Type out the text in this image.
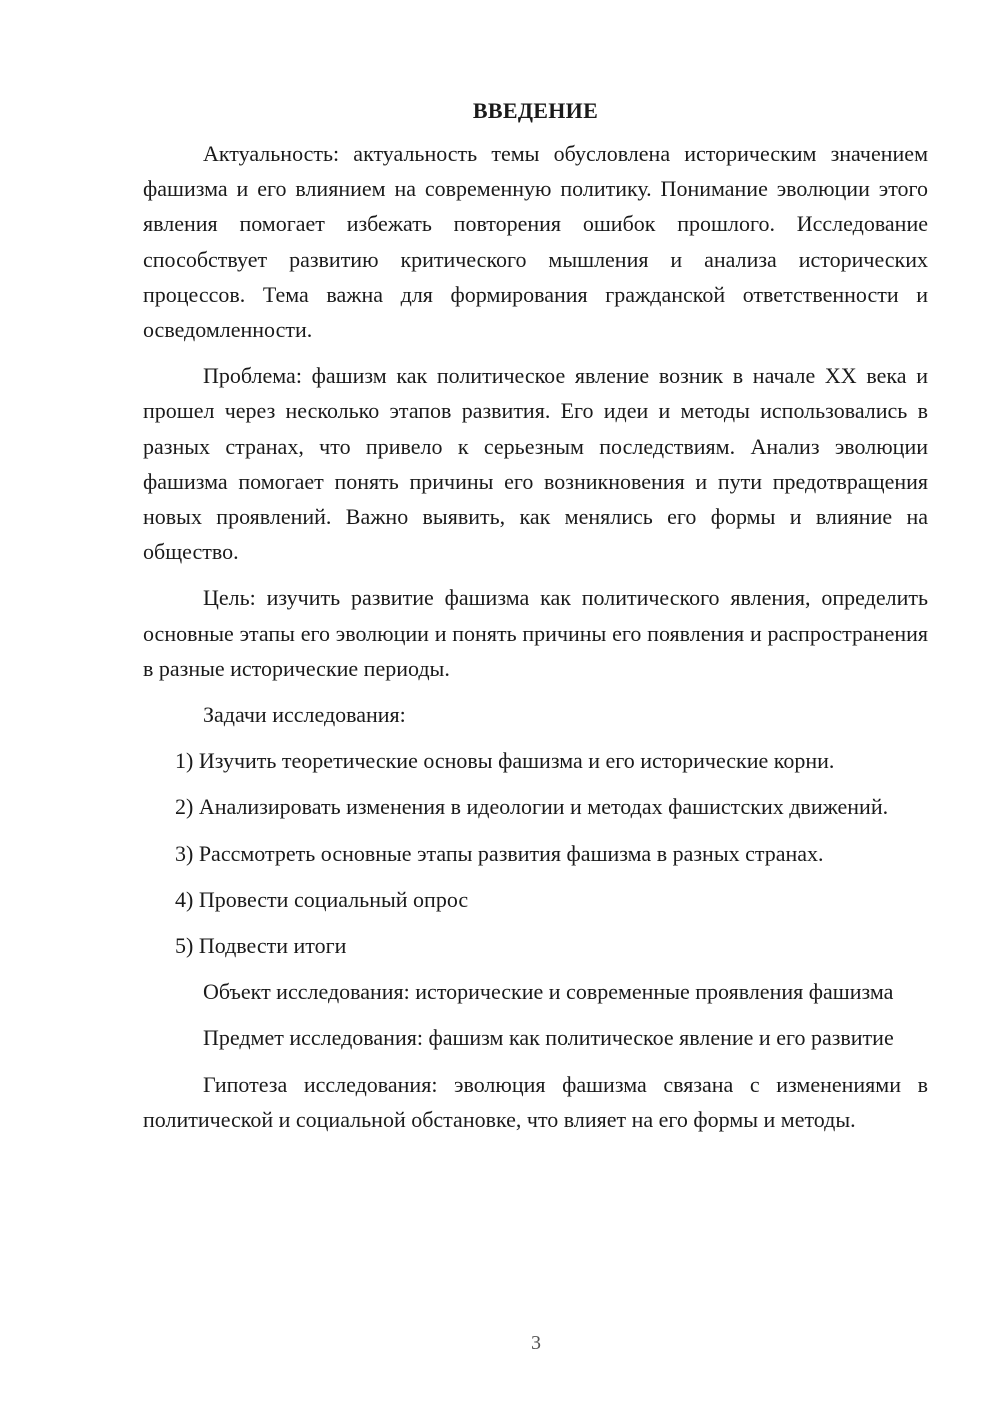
ВВЕДЕНИЕ

Актуальность: актуальность темы обусловлена историческим значением фашизма и его влиянием на современную политику. Понимание эволюции этого явления помогает избежать повторения ошибок прошлого. Исследование способствует развитию критического мышления и анализа исторических процессов. Тема важна для формирования гражданской ответственности и осведомленности.

Проблема: фашизм как политическое явление возник в начале XX века и прошел через несколько этапов развития. Его идеи и методы использовались в разных странах, что привело к серьезным последствиям. Анализ эволюции фашизма помогает понять причины его возникновения и пути предотвращения новых проявлений. Важно выявить, как менялись его формы и влияние на общество.

Цель: изучить развитие фашизма как политического явления, определить основные этапы его эволюции и понять причины его появления и распространения в разные исторические периоды.

Задачи исследования:

1) Изучить теоретические основы фашизма и его исторические корни.

2) Анализировать изменения в идеологии и методах фашистских движений.

3) Рассмотреть основные этапы развития фашизма в разных странах.

4) Провести социальный опрос

5) Подвести итоги

Объект исследования: исторические и современные проявления фашизма

Предмет исследования: фашизм как политическое явление и его развитие

Гипотеза исследования: эволюция фашизма связана с изменениями в политической и социальной обстановке, что влияет на его формы и методы.

3
